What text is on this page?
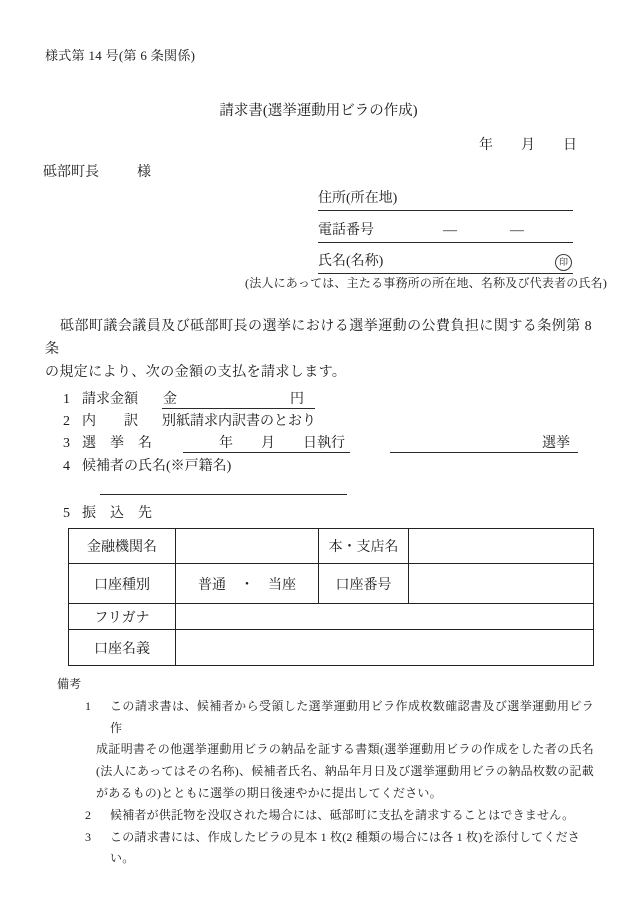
様式第 14 号(第 6 条関係)
請求書(選挙運動用ビラの作成)
年　　月　　日
砥部町長	様
住所(所在地)
電話番号	―	―
氏名(名称)	印
(法人にあっては、主たる事務所の所在地、名称及び代表者の氏名)
砥部町議会議員及び砥部町長の選挙における選挙運動の公費負担に関する条例第 8 条
の規定により、次の金額の支払を請求します。
1 請求金額 金	円
2 内　　訳 別紙請求内訳書のとおり
3 選　挙　名	年　　月　　日執行	選挙
4 候補者の氏名(※戸籍名)
5 振　込　先
金融機関名		本・支店名	
口座種別	普通　・　当座	口座番号	
フリガナ			
口座名義			
備考
1 この請求書は、候補者から受領した選挙運動用ビラ作成枚数確認書及び選挙運動用ビラ作
成証明書その他選挙運動用ビラの納品を証する書類(選挙運動用ビラの作成をした者の氏名
(法人にあってはその名称)、候補者氏名、納品年月日及び選挙運動用ビラの納品枚数の記載
があるもの)とともに選挙の期日後速やかに提出してください。
2 候補者が供託物を没収された場合には、砥部町に支払を請求することはできません。
3 この請求書には、作成したビラの見本 1 枚(2 種類の場合には各 1 枚)を添付してください。
